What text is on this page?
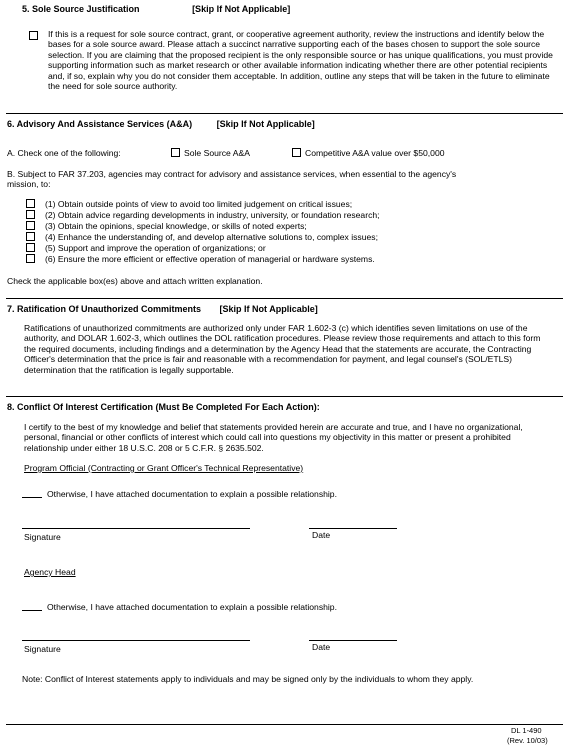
5. Sole Source Justification	[Skip If Not Applicable]
If this is a request for sole source contract, grant, or cooperative agreement authority, review the instructions and identify below the bases for a sole source award. Please attach a succinct narrative supporting each of the bases chosen to support the sole source selection. If you are claiming that the proposed recipient is the only responsible source or has unique qualifications, you must provide supporting information such as market research or other available information indicating whether there are other potential recipients and, if so, explain why you do not consider them acceptable. In addition, outline any steps that will be taken in the future to eliminate the need for sole source authority.
6. Advisory And Assistance Services (A&A)	[Skip If Not Applicable]
A. Check one of the following:	Sole Source A&A	Competitive A&A value over $50,000
B. Subject to FAR 37.203, agencies may contract for advisory and assistance services, when essential to the agency's mission, to:
(1) Obtain outside points of view to avoid too limited judgement on critical issues;
(2) Obtain advice regarding developments in industry, university, or foundation research;
(3) Obtain the opinions, special knowledge, or skills of noted experts;
(4) Enhance the understanding of, and develop alternative solutions to, complex issues;
(5) Support and improve the operation of organizations; or
(6) Ensure the more efficient or effective operation of managerial or hardware systems.
Check the applicable box(es) above and attach written explanation.
7. Ratification Of Unauthorized Commitments [Skip If Not Applicable]
Ratifications of unauthorized commitments are authorized only under FAR 1.602-3 (c) which identifies seven limitations on use of the authority, and DOLAR 1.602-3, which outlines the DOL ratification procedures. Please review those requirements and attach to this form the required documents, including findings and a determination by the Agency Head that the statements are accurate, the Contracting Officer's determination that the price is fair and reasonable with a recommendation for payment, and legal counsel's (SOL/ETLS) determination that the ratification is legally supportable.
8. Conflict Of Interest Certification (Must Be Completed For Each Action):
I certify to the best of my knowledge and belief that statements provided herein are accurate and true, and I have no organizational, personal, financial or other conflicts of interest which could call into questions my objectivity in this matter or present a prohibited relationship under either 18 U.S.C. 208 or 5 C.F.R. § 2635.502.
Program Official (Contracting or Grant Officer's Technical Representative)
Otherwise, I have attached documentation to explain a possible relationship.
Signature	Date
Agency Head
Otherwise, I have attached documentation to explain a possible relationship.
Signature	Date
Note: Conflict of Interest statements apply to individuals and may be signed only by the individuals to whom they apply.
DL 1-490
(Rev. 10/03)
